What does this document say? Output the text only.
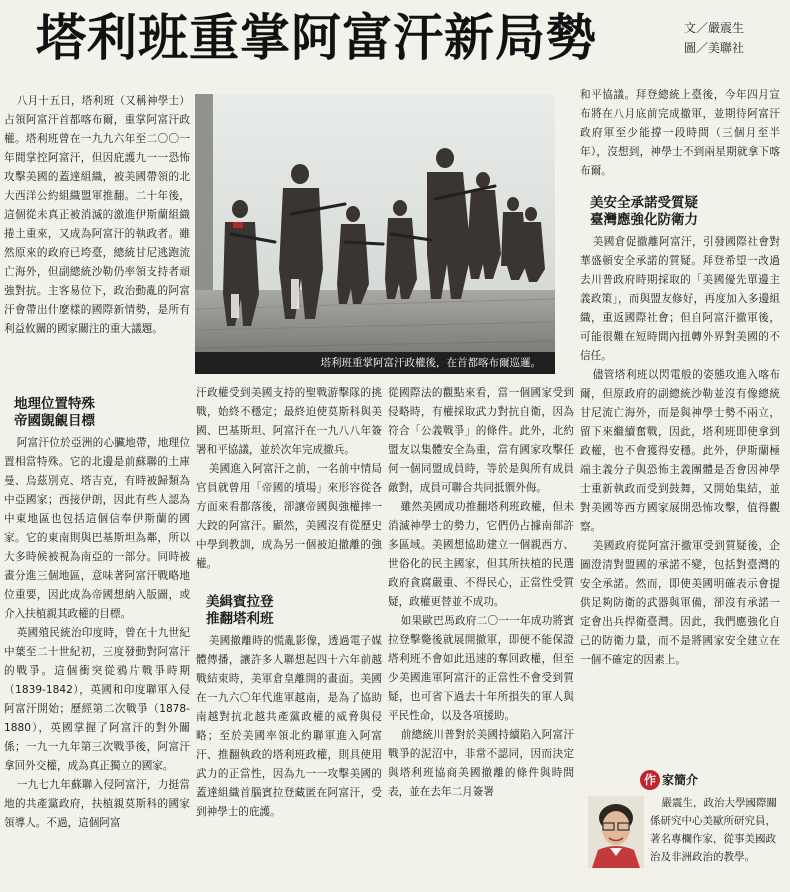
塔利班重掌阿富汗新局勢	文／嚴震生
圖／美聯社
塔利班重掌阿富汗政權後，在首都喀布爾巡邏。

八月十五日，塔利班（又稱神學士）占領阿富汗首都喀布爾，重掌阿富汗政權。塔利班曾在一九九六年至二〇〇一年間掌控阿富汗，但因庇護九一一恐怖攻擊美國的蓋達組織，被美國帶領的北大西洋公約組織盟軍推翻。二十年後，這個從未真正被消滅的激進伊斯蘭組織捲土重來，又成為阿富汗的執政者。雖然原來的政府已垮臺，總統甘尼逃跑流亡海外，但副總統沙勒仍率領支持者頑強對抗。主客易位下，政治動亂的阿富汗會帶出什麼樣的國際新情勢，是所有利益攸關的國家關注的重大議題。

地理位置特殊
帝國覬覦目標

阿富汗位於亞洲的心臟地帶，地理位置相當特殊。它的北邊是前蘇聯的土庫曼、烏茲別克、塔吉克，有時被歸類為中亞國家；西接伊朗，因此有些人認為中東地區也包括這個信奉伊斯蘭的國家。它的東南則與巴基斯坦為鄰，所以大多時候被視為南亞的一部分。同時被畫分進三個地區，意味著阿富汗戰略地位重要，因此成為帝國想納入版圖，或介入扶植親其政權的目標。

英國殖民統治印度時，曾在十九世紀中葉至二十世紀初，三度發動對阿富汗的戰爭。這個衝突從鴉片戰爭時期（1839-1842），英國和印度聯軍入侵阿富汗開始；歷經第二次戰爭（1878-1880），英國掌握了阿富汗的對外關係；一九一九年第三次戰爭後，阿富汗拿回外交權，成為真正獨立的國家。

一九七九年蘇聯入侵阿富汗，力挺當地的共產黨政府，扶植親莫斯科的國家領導人。不過，這個阿富

汗政權受到美國支持的聖戰游擊隊的挑戰，始終不穩定；最終迫使莫斯科與美國、巴基斯坦、阿富汗在一九八八年簽署和平協議，並於次年完成撤兵。

美國進入阿富汗之前，一名前中情局官員就曾用「帝國的墳場」來形容從各方面來看都落後，卻讓帝國與強權摔一大跤的阿富汗。顯然，美國沒有從歷史中學到教訓，成為另一個被迫撤離的強權。

美緝賓拉登
推翻塔利班

美國撤離時的慌亂影像，透過電子媒體傳播，讓許多人聯想起四十六年前越戰結束時，美軍倉皇離開的畫面。美國在一九六〇年代進軍越南，是為了協助南越對抗北越共產黨政權的威脅與侵略；至於美國率領北約聯軍進入阿富汗、推翻執政的塔利班政權，則具使用武力的正當性，因為九一一攻擊美國的蓋達組織首腦賓拉登藏匿在阿富汗，受到神學士的庇護。

從國際法的觀點來看，當一個國家受到侵略時，有權採取武力對抗自衛，因為符合「公義戰爭」的條件。此外，北約盟友以集體安全為重，當有國家攻擊任何一個同盟成員時，等於是與所有成員敵對，成員可聯合共同抵禦外侮。

雖然美國成功推翻塔利班政權，但未消滅神學士的勢力，它們仍占據南部許多區域。美國想協助建立一個親西方、世俗化的民主國家，但其所扶植的民選政府貪腐嚴重、不得民心，正當性受質疑，政權更替並不成功。

如果歐巴馬政府二〇一一年成功將賓拉登擊斃後就展開撤軍，即便不能保證塔利班不會如此迅速的奪回政權，但至少美國進軍阿富汗的正當性不會受到質疑，也可省下過去十年所損失的軍人與平民性命，以及各項援助。

前總統川普對於美國持續陷入阿富汗戰爭的泥沼中，非常不認同，因而決定與塔利班協商美國撤離的條件與時間表，並在去年二月簽署

和平協議。拜登總統上臺後，今年四月宣布將在八月底前完成撤軍，並期待阿富汗政府軍至少能撐一段時間（三個月至半年），沒想到，神學士不到兩星期就拿下喀布爾。

美安全承諾受質疑
臺灣應強化防衛力

美國倉促撤離阿富汗，引發國際社會對華盛頓安全承諾的質疑。拜登希望一改過去川普政府時期採取的「美國優先單邊主義政策」，而與盟友修好，再度加入多邊組織，重返國際社會；但自阿富汗撤軍後，可能很難在短時間內扭轉外界對美國的不信任。

儘管塔利班以閃電般的姿態攻進入喀布爾，但原政府的副總統沙勒並沒有像總統甘尼流亡海外，而是與神學士勢不兩立，留下來繼續奮戰，因此，塔利班即使拿到政權，也不會獲得安穩。此外，伊斯蘭極端主義分子與恐怖主義團體是否會因神學士重新執政而受到鼓舞，又開始集結，並對美國等西方國家展開恐怖攻擊，值得觀察。

美國政府從阿富汗撤軍受到質疑後，企圖澄清對盟國的承諾不變，包括對臺灣的安全承諾。然而，即使美國明確表示會提供足夠防衛的武器與軍備，卻沒有承諾一定會出兵捍衛臺灣。因此，我們應強化自己的防衛力量，而不是將國家安全建立在一個不確定的因素上。

作 家簡介

嚴震生，政治大學國際關係研究中心美歐所研究員，著名專欄作家，從事美國政治及非洲政治的教學。
